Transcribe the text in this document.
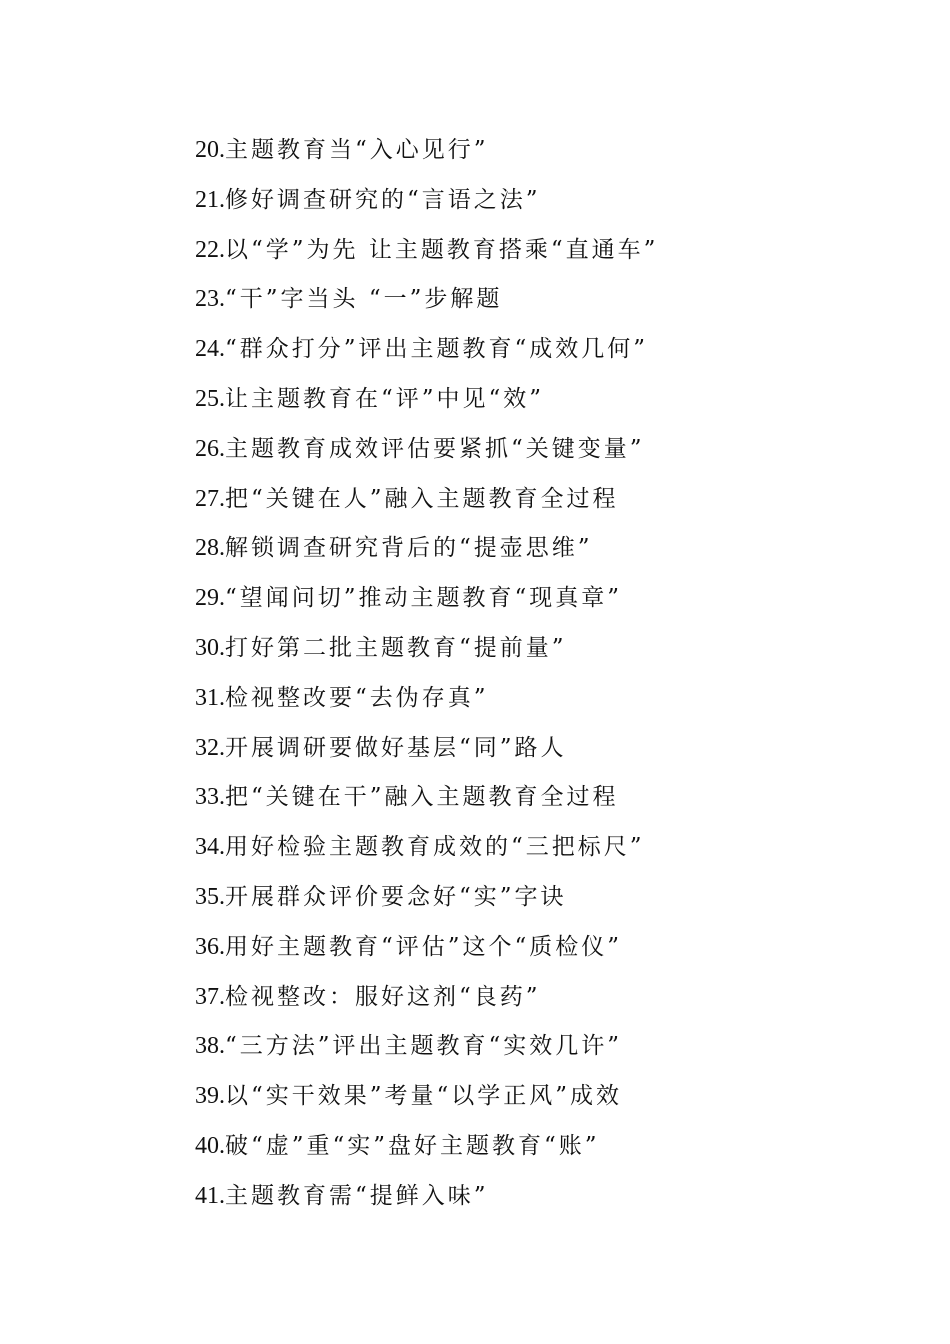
20.主题教育当“入心见行”
21.修好调查研究的“言语之法”
22.以“学”为先 让主题教育搭乘“直通车”
23.“干”字当头 “一”步解题
24.“群众打分”评出主题教育“成效几何”
25.让主题教育在“评”中见“效”
26.主题教育成效评估要紧抓“关键变量”
27.把“关键在人”融入主题教育全过程
28.解锁调查研究背后的“提壶思维”
29.“望闻问切”推动主题教育“现真章”
30.打好第二批主题教育“提前量”
31.检视整改要“去伪存真”
32.开展调研要做好基层“同”路人
33.把“关键在干”融入主题教育全过程
34.用好检验主题教育成效的“三把标尺”
35.开展群众评价要念好“实”字诀
36.用好主题教育“评估”这个“质检仪”
37.检视整改：服好这剂“良药”
38.“三方法”评出主题教育“实效几许”
39.以“实干效果”考量“以学正风”成效
40.破“虚”重“实”盘好主题教育“账”
41.主题教育需“提鲜入味”
